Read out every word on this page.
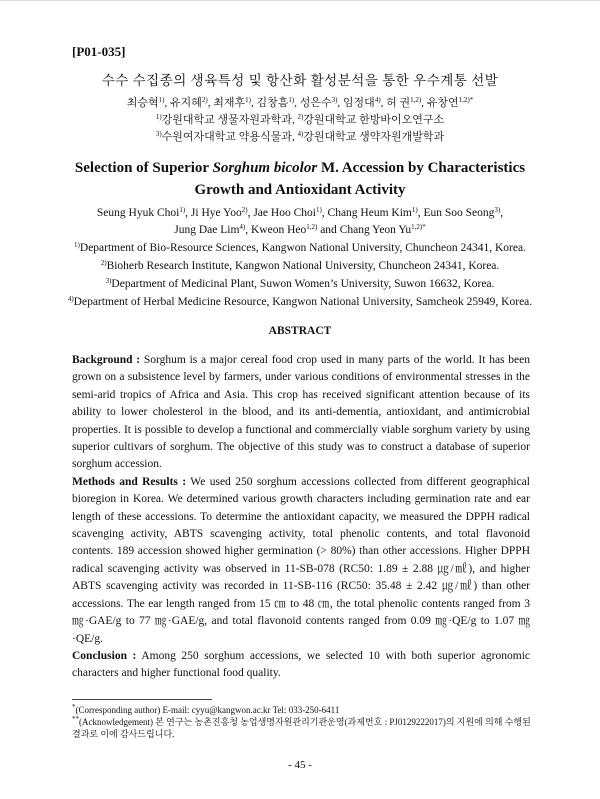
[P01-035]
수수 수집종의 생육특성 및 항산화 활성분석을 통한 우수계통 선발
최승혁$^{1)}$, 유지혜$^{2)}$, 최재후$^{1)}$, 김창흠$^{1)}$, 성은수$^{3)}$, 임정대$^{4)}$, 허 권$^{1,2)}$, 유창연$^{1,2)*}$
$^{1)}$강원대학교 생물자원과학과, $^{2)}$강원대학교 한방바이오연구소
$^{3)}$수원여자대학교 약용식물과, $^{4)}$강원대학교 생약자원개발학과
Selection of Superior Sorghum bicolor M. Accession by Characteristics
Growth and Antioxidant Activity
Seung Hyuk Choi$^{1)}$, Ji Hye Yoo$^{2)}$, Jae Hoo Choi$^{1)}$, Chang Heum Kim$^{1)}$, Eun Soo Seong$^{3)}$,
Jung Dae Lim$^{4)}$, Kweon Heo$^{1,2)}$ and Chang Yeon $Yu^{1,2)*}$
$^{1)}$Department of Bio-Resource Sciences, Kangwon National University, Chuncheon 24341, Korea.
$^{2)}$Bioherb Research Institute, Kangwon National University, Chuncheon 24341, Korea.
$^{3)}$Department of Medicinal Plant, Suwon Women’s University, Suwon 16632, Korea.
$^{4)}$Department of Herbal Medicine Resource, Kangwon National University, Samcheok 25949, Korea.
ABSTRACT

Background : Sorghum is a major cereal food crop used in many parts of the world. It has been grown on a subsistence level by farmers, under various conditions of environmental stresses in the semi-arid tropics of Africa and Asia. This crop has received significant attention because of its ability to lower cholesterol in the blood, and its anti-dementia, antioxidant, and antimicrobial properties. It is possible to develop a functional and commercially viable sorghum variety by using superior cultivars of sorghum. The objective of this study was to construct a database of superior sorghum accession.

Methods and Results : We used 250 sorghum accessions collected from different geographical bioregion in Korea. We determined various growth characters including germination rate and ear length of these accessions. To determine the antioxidant capacity, we measured the DPPH radical scavenging activity, ABTS scavenging activity, total phenolic contents, and total flavonoid contents. 189 accession showed higher germination (> 80%) than other accessions. Higher DPPH radical scavenging activity was observed in 11-SB-078 (RC50: 1.89 ± 2.88 ㎍/㎖), and higher ABTS scavenging activity was recorded in 11-SB-116 (RC50: 35.48 ± 2.42 ㎍/㎖) than other accessions. The ear length ranged from 15 ㎝ to 48 ㎝, the total phenolic contents ranged from 3 ㎎·GAE/g to 77 ㎎·GAE/g, and total flavonoid contents ranged from 0.09 ㎎·QE/g to 1.07 ㎎·QE/g.

Conclusion : Among 250 sorghum accessions, we selected 10 with both superior agronomic characters and higher functional food quality.

*(Corresponding author) E-mail: cyyu@kangwon.ac.kr Tel: 033-250-6411
**(Acknowledgement) 본 연구는 농촌진흥청 농업생명자원관리기관운영(과제번호 : PJ0129222017)의 지원에 의해 수행된 결과로 이에 감사드립니다.
- 45 -
